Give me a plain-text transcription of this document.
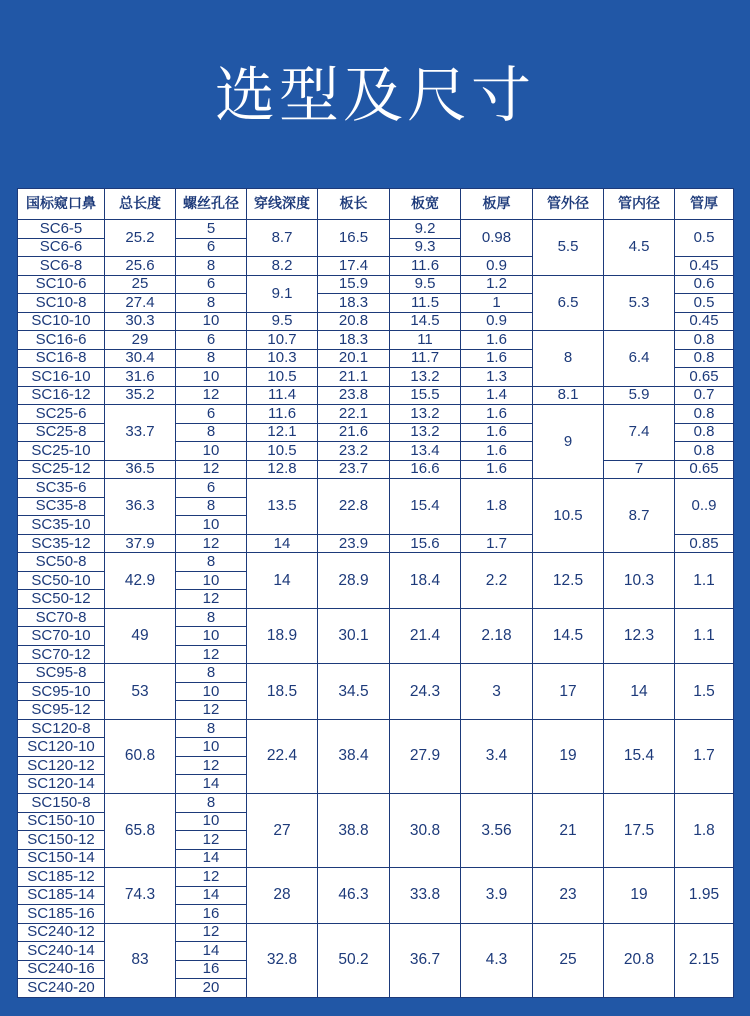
选型及尺寸
国标窥口鼻	总长度	螺丝孔径	穿线深度	板长	板宽	板厚	管外径	管内径	管厚
SC6-5	25.2	5	8.7	16.5	9.2	0.98	5.5	4.5	0.5
SC6-6		6			9.3				
SC6-8	25.6	8	8.2	17.4	11.6	0.9			0.45
SC10-6	25	6	9.1	15.9	9.5	1.2	6.5	5.3	0.6
SC10-8	27.4	8		18.3	11.5	1			0.5
SC10-10	30.3	10	9.5	20.8	14.5	0.9			0.45
SC16-6	29	6	10.7	18.3	11	1.6	8	6.4	0.8
SC16-8	30.4	8	10.3	20.1	11.7	1.6			0.8
SC16-10	31.6	10	10.5	21.1	13.2	1.3			0.65
SC16-12	35.2	12	11.4	23.8	15.5	1.4	8.1	5.9	0.7
SC25-6	33.7	6	11.6	22.1	13.2	1.6	9	7.4	0.8
SC25-8		8	12.1	21.6	13.2	1.6			0.8
SC25-10		10	10.5	23.2	13.4	1.6			0.8
SC25-12	36.5	12	12.8	23.7	16.6	1.6		7	0.65
SC35-6	36.3	6	13.5	22.8	15.4	1.8	10.5	8.7	0..9
SC35-8		8							
SC35-10		10							
SC35-12	37.9	12	14	23.9	15.6	1.7			0.85
SC50-8	42.9	8	14	28.9	18.4	2.2	12.5	10.3	1.1
SC50-10		10							
SC50-12		12							
SC70-8	49	8	18.9	30.1	21.4	2.18	14.5	12.3	1.1
SC70-10		10							
SC70-12		12							
SC95-8	53	8	18.5	34.5	24.3	3	17	14	1.5
SC95-10		10							
SC95-12		12							
SC120-8	60.8	8	22.4	38.4	27.9	3.4	19	15.4	1.7
SC120-10		10							
SC120-12		12							
SC120-14		14							
SC150-8	65.8	8	27	38.8	30.8	3.56	21	17.5	1.8
SC150-10		10							
SC150-12		12							
SC150-14		14							
SC185-12	74.3	12	28	46.3	33.8	3.9	23	19	1.95
SC185-14		14							
SC185-16		16							
SC240-12	83	12	32.8	50.2	36.7	4.3	25	20.8	2.15
SC240-14		14							
SC240-16		16							
SC240-20		20							
